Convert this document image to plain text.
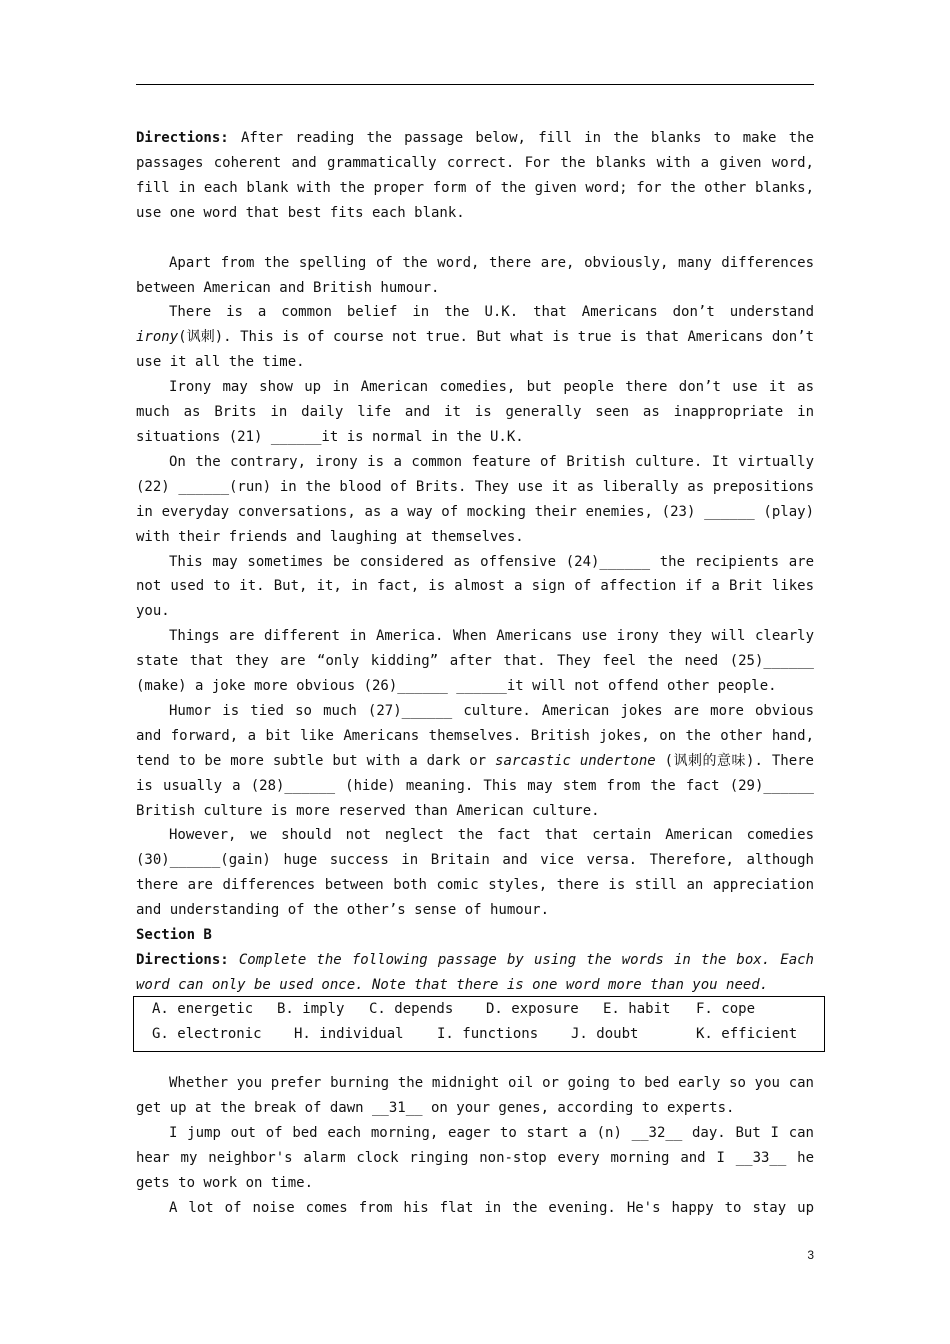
Directions: After reading the passage below, fill in the blanks to make the passages coherent and grammatically correct. For the blanks with a given word, fill in each blank with the proper form of the given word; for the other blanks, use one word that best fits each blank.

Apart from the spelling of the word, there are, obviously, many differences between American and British humour.

There is a common belief in the U.K. that Americans don’t understand irony(讽刺). This is of course not true. But what is true is that Americans don’t use it all the time.

Irony may show up in American comedies, but people there don’t use it as much as Brits in daily life and it is generally seen as inappropriate in situations (21) ______it is normal in the U.K.

On the contrary, irony is a common feature of British culture. It virtually (22) ______(run) in the blood of Brits. They use it as liberally as prepositions in everyday conversations, as a way of mocking their enemies, (23) ______ (play) with their friends and laughing at themselves.

This may sometimes be considered as offensive (24)______ the recipients are not used to it. But, it, in fact, is almost a sign of affection if a Brit likes you.

Things are different in America. When Americans use irony they will clearly state that they are “only kidding” after that. They feel the need (25)______ (make) a joke more obvious (26)______ ______it will not offend other people.

Humor is tied so much (27)______ culture. American jokes are more obvious and forward, a bit like Americans themselves. British jokes, on the other hand, tend to be more subtle but with a dark or sarcastic undertone (讽刺的意味). There is usually a (28)______ (hide) meaning. This may stem from the fact (29)______ British culture is more reserved than American culture.

However, we should not neglect the fact that certain American comedies (30)______(gain) huge success in Britain and vice versa. Therefore, although there are differences between both comic styles, there is still an appreciation and understanding of the other’s sense of humour.

Section B

Directions: Complete the following passage by using the words in the box. Each word can only be used once. Note that there is one word more than you need.

A. energetic B. imply C. depends D. exposure E. habit F. cope
G. electronic H. individual I. functions J. doubt	K. efficient

Whether you prefer burning the midnight oil or going to bed early so you can get up at the break of dawn __31__ on your genes, according to experts.

I jump out of bed each morning, eager to start a (n) __32__ day. But I can hear my neighbor's alarm clock ringing non-stop every morning and I __33__ he gets to work on time.

A lot of noise comes from his flat in the evening. He's happy to stay up

3
